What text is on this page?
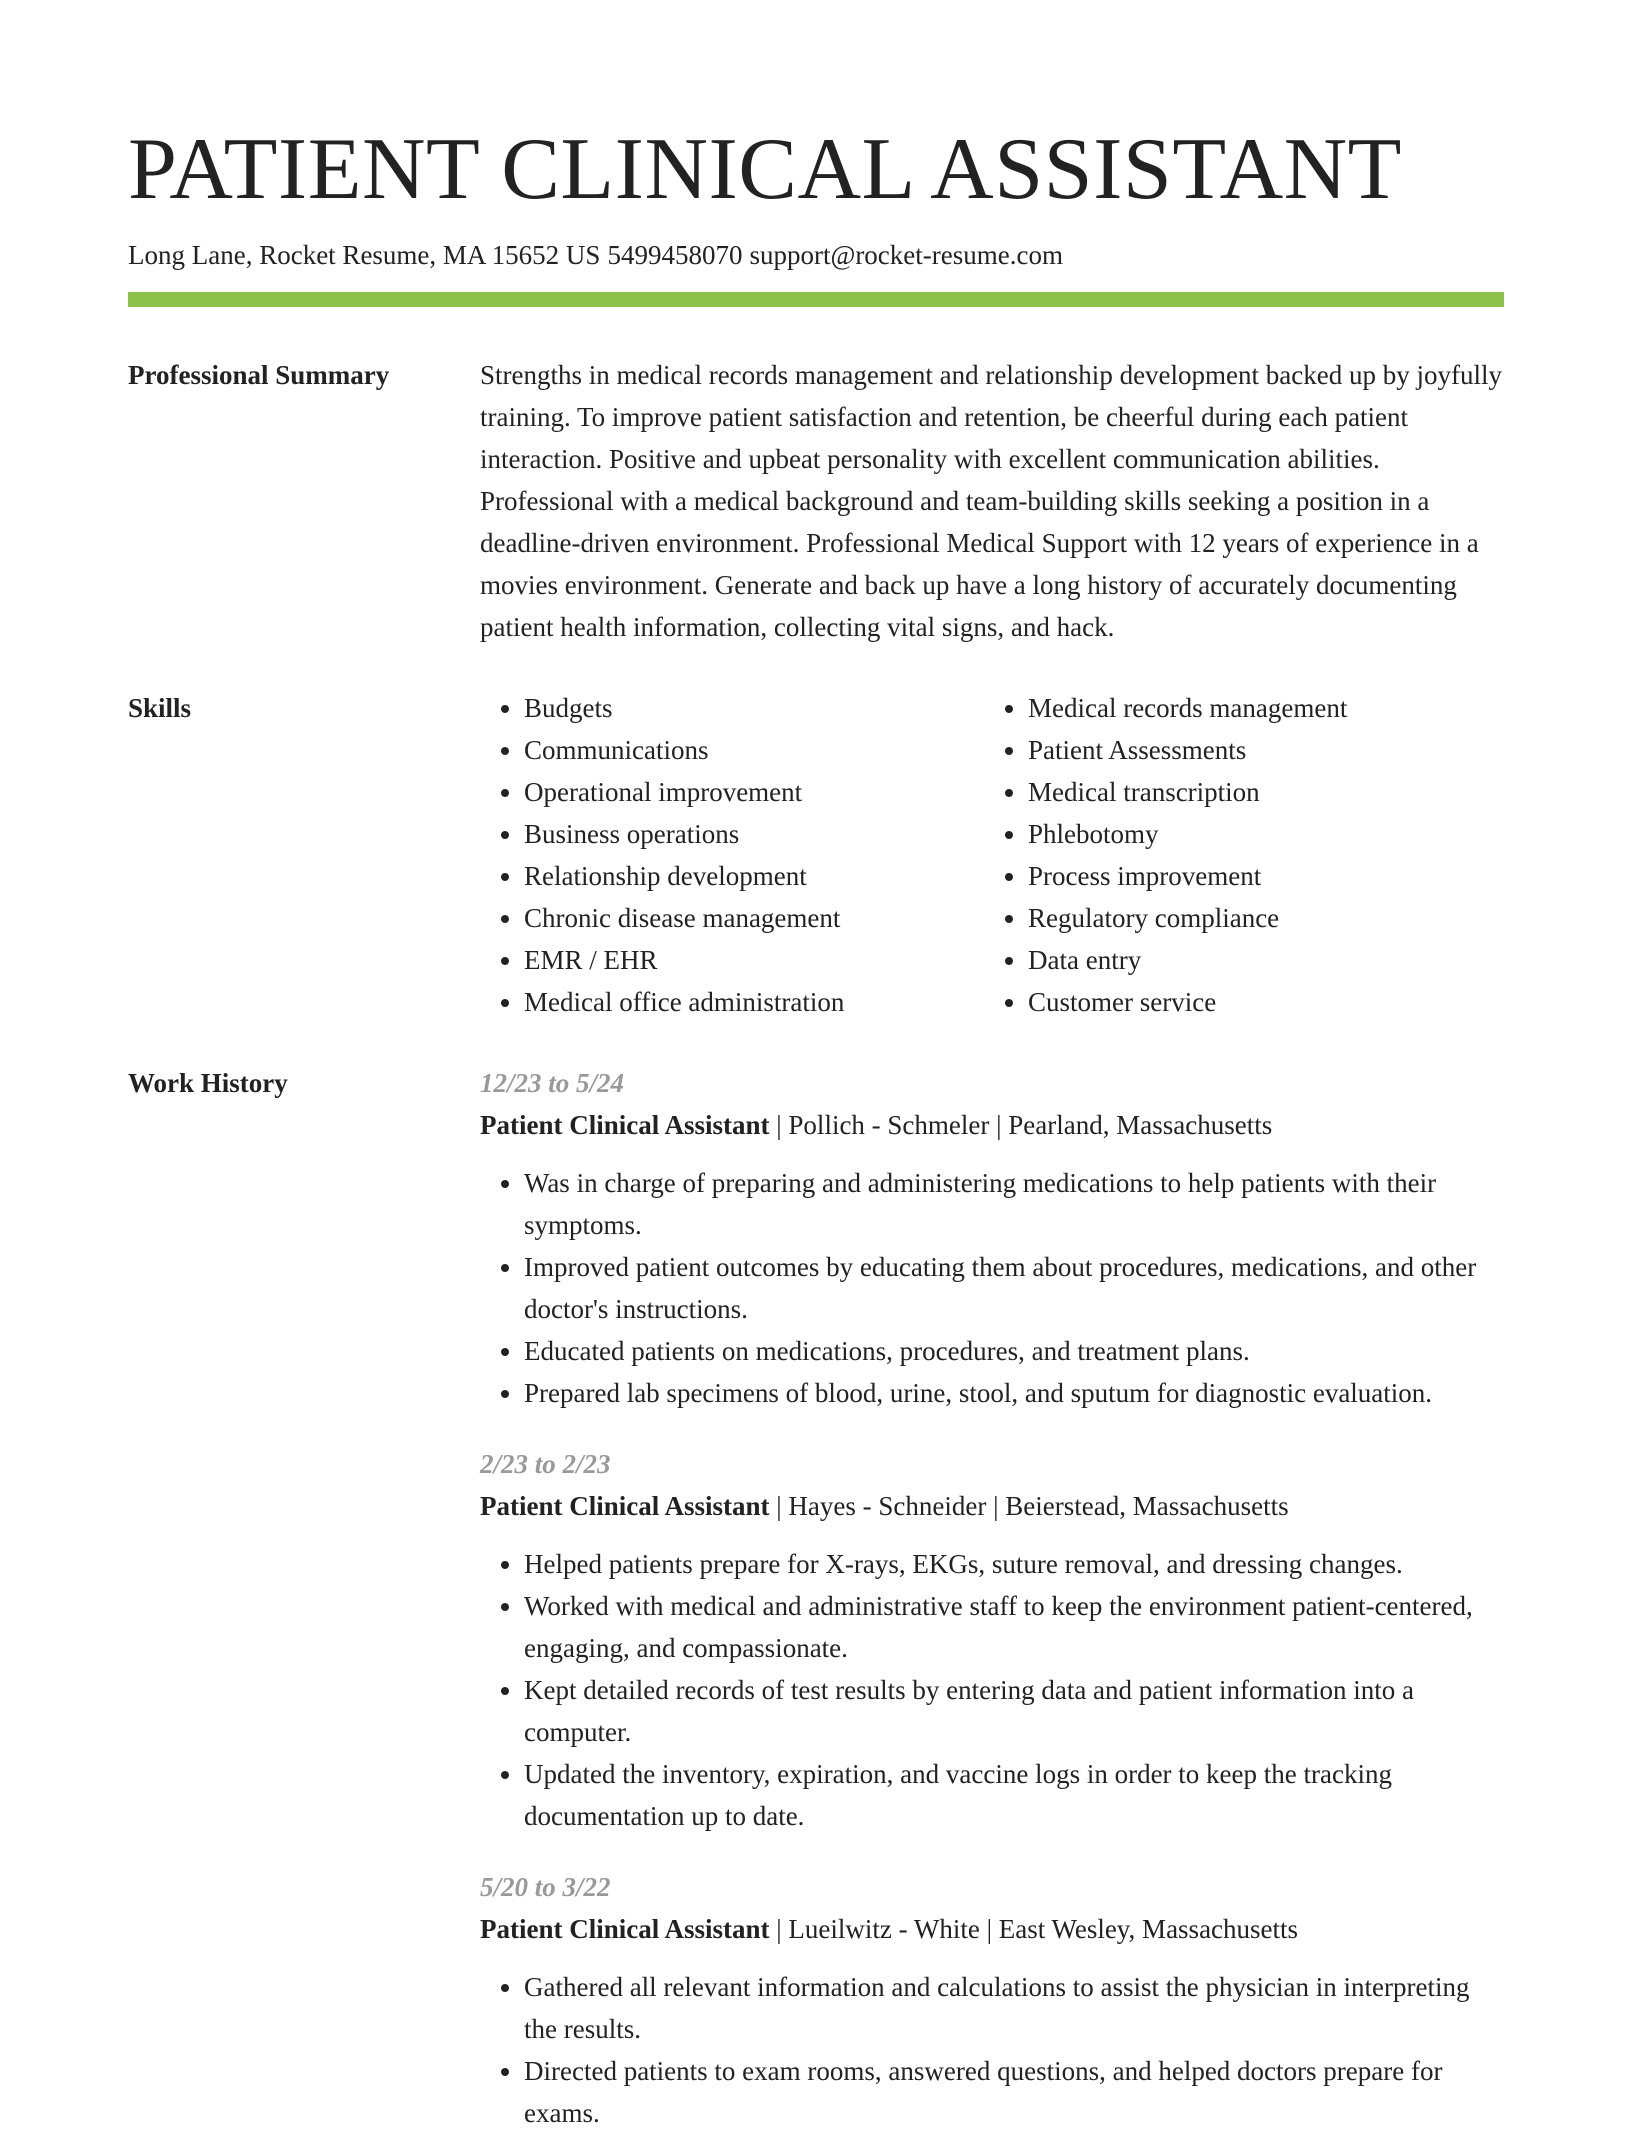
PATIENT CLINICAL ASSISTANT
Long Lane, Rocket Resume, MA 15652 US 5499458070 support@rocket-resume.com
Professional Summary	Strengths in medical records management and relationship development backed up by joyfully training. To improve patient satisfaction and retention, be cheerful during each patient interaction. Positive and upbeat personality with excellent communication abilities. Professional with a medical background and team-building skills seeking a position in a deadline-driven environment. Professional Medical Support with 12 years of experience in a movies environment. Generate and back up have a long history of accurately documenting patient health information, collecting vital signs, and hack.

Skills
•	Budgets
• Communications
• Operational improvement
• Business operations
• Relationship development
• Chronic disease management
• EMR / EHR
• Medical office administration
• Medical records management
• Patient Assessments
• Medical transcription
• Phlebotomy
• Process improvement
• Regulatory compliance
• Data entry
• Customer service
Work History	12/23 to 5/24
Patient Clinical Assistant | Pollich - Schmeler | Pearland, Massachusetts
• Was in charge of preparing and administering medications to help patients with their symptoms.
• Improved patient outcomes by educating them about procedures, medications, and other doctor's instructions.
• Educated patients on medications, procedures, and treatment plans.
• Prepared lab specimens of blood, urine, stool, and sputum for diagnostic evaluation.
2/23 to 2/23
Patient Clinical Assistant | Hayes - Schneider | Beierstead, Massachusetts
• Helped patients prepare for X-rays, EKGs, suture removal, and dressing changes.
• Worked with medical and administrative staff to keep the environment patient-centered, engaging, and compassionate.
• Kept detailed records of test results by entering data and patient information into a computer.
• Updated the inventory, expiration, and vaccine logs in order to keep the tracking documentation up to date.
5/20 to 3/22
Patient Clinical Assistant | Lueilwitz - White | East Wesley, Massachusetts
• Gathered all relevant information and calculations to assist the physician in interpreting the results.
• Directed patients to exam rooms, answered questions, and helped doctors prepare for exams.
